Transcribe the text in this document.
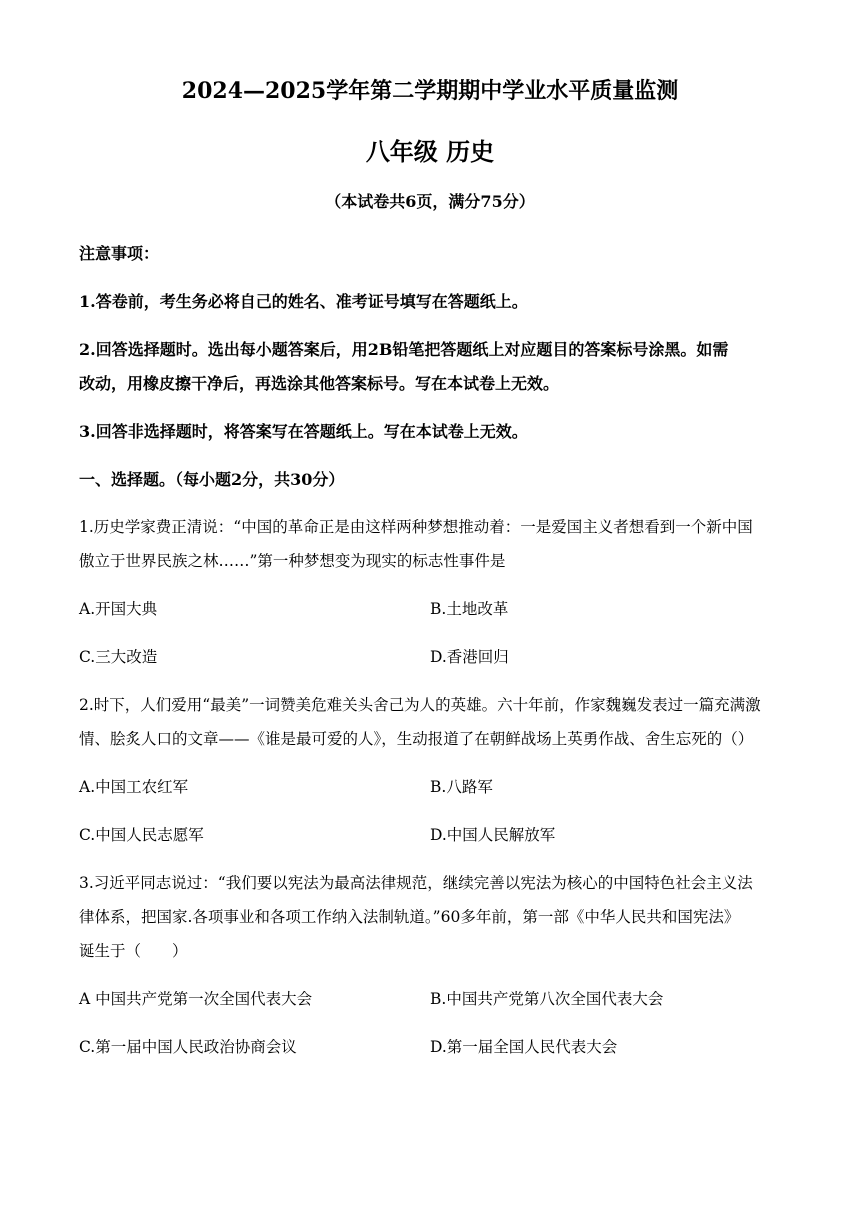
2024—2025学年第二学期期中学业水平质量监测
八年级 历史
（本试卷共6页，满分75分）
注意事项：
1.答卷前，考生务必将自己的姓名、准考证号填写在答题纸上。
2.回答选择题时。选出每小题答案后，用2B铅笔把答题纸上对应题目的答案标号涂黑。如需
改动，用橡皮擦干净后，再选涂其他答案标号。写在本试卷上无效。
3.回答非选择题时，将答案写在答题纸上。写在本试卷上无效。
一、选择题。（每小题2分，共30分）
1.历史学家费正清说：“中国的革命正是由这样两种梦想推动着：一是爱国主义者想看到一个新中国
傲立于世界民族之林……”第一种梦想变为现实的标志性事件是
A.开国大典	B.土地改革
C.三大改造	D.香港回归
2.时下，人们爱用“最美”一词赞美危难关头舍己为人的英雄。六十年前，作家魏巍发表过一篇充满激
情、脍炙人口的文章——《谁是最可爱的人》，生动报道了在朝鲜战场上英勇作战、舍生忘死的（）
A.中国工农红军	B.八路军
C.中国人民志愿军	D.中国人民解放军
3.习近平同志说过：“我们要以宪法为最高法律规范，继续完善以宪法为核心的中国特色社会主义法
律体系，把国家.各项事业和各项工作纳入法制轨道。”60多年前，第一部《中华人民共和国宪法》
诞生于（　　）
A 中国共产党第一次全国代表大会	B.中国共产党第八次全国代表大会
C.第一届中国人民政治协商会议	D.第一届全国人民代表大会
